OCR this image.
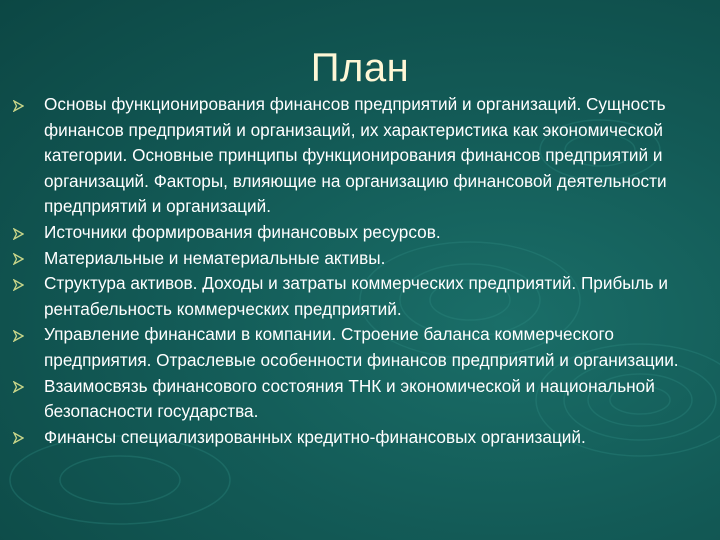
План
Основы функционирования финансов предприятий и организаций. Сущность финансов предприятий и организаций, их характеристика как экономической категории. Основные принципы функционирования финансов предприятий и организаций. Факторы, влияющие на организацию финансовой деятельности предприятий и организаций.
Источники формирования финансовых ресурсов.
Материальные и нематериальные активы.
Структура активов. Доходы и затраты коммерческих предприятий. Прибыль и рентабельность коммерческих предприятий.
Управление финансами в компании. Строение баланса коммерческого предприятия. Отраслевые особенности финансов предприятий и организации.
Взаимосвязь финансового состояния ТНК и экономической и национальной безопасности государства.
Финансы специализированных кредитно-финансовых организаций.
